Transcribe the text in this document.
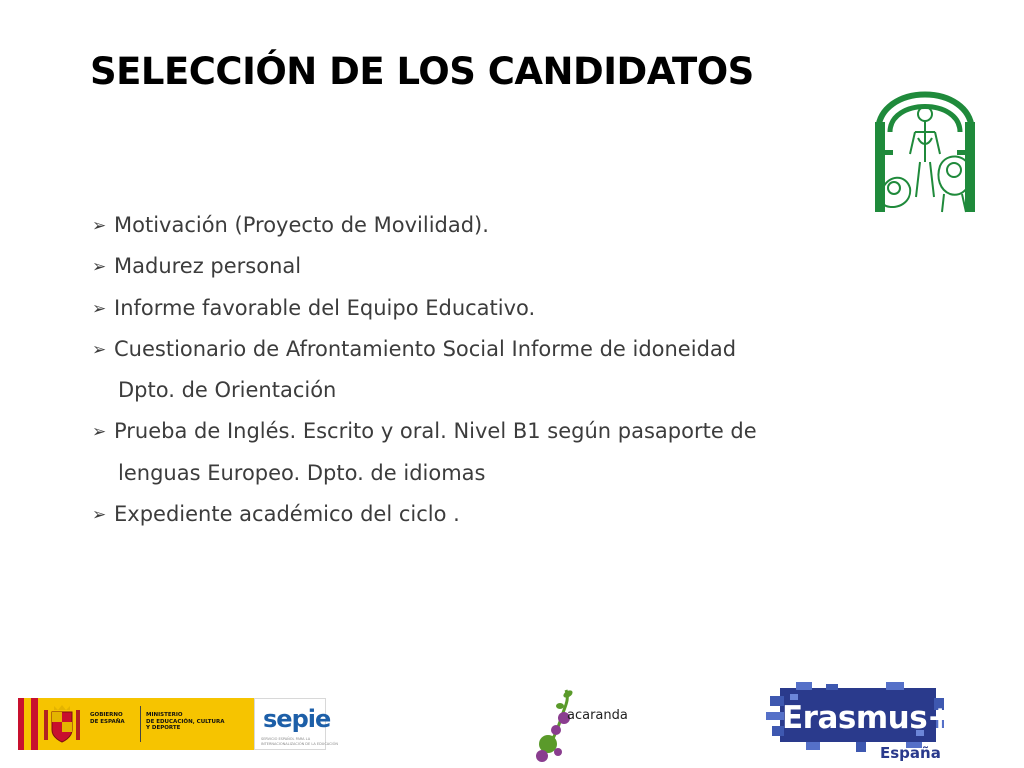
SELECCIÓN DE LOS CANDIDATOS
➢ Motivación (Proyecto de Movilidad).
➢ Madurez personal
➢ Informe favorable del Equipo Educativo.
➢ Cuestionario de Afrontamiento Social Informe de idoneidad
Dpto. de Orientación
➢ Prueba de Inglés. Escrito y oral. Nivel B1 según pasaporte de
lenguas Europeo. Dpto. de idiomas
➢ Expediente académico del ciclo .
GOBIERNO
DE ESPAÑA
MINISTERIO
DE EDUCACIÓN, CULTURA
Y DEPORTE	sepie
SERVICIO ESPAÑOL PARA LA
INTERNACIONALIZACIÓN DE LA EDUCACIÓN
acaranda	Erasmus+
España
